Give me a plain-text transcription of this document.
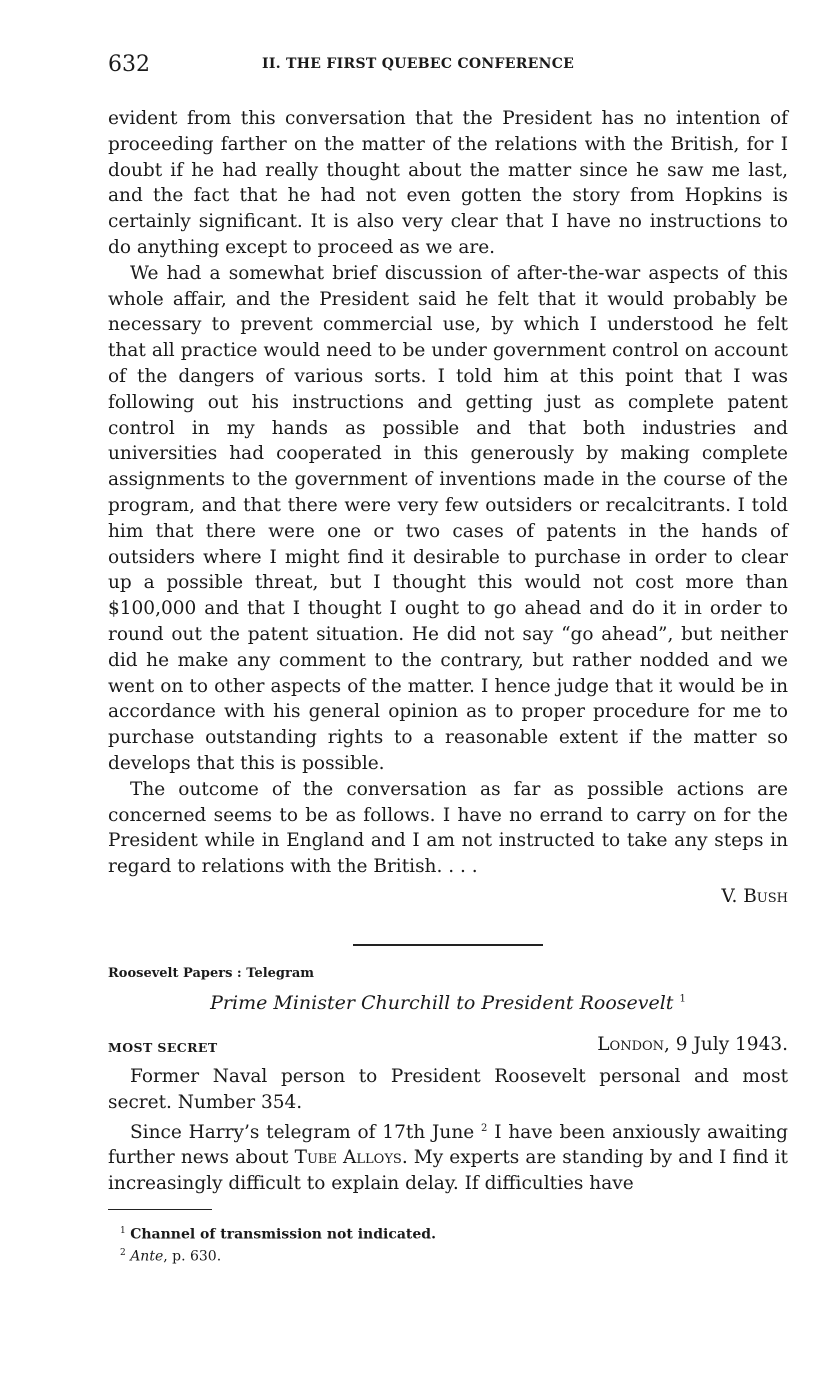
632	II. THE FIRST QUEBEC CONFERENCE

evident from this conversation that the President has no intention of proceeding farther on the matter of the relations with the British, for I doubt if he had really thought about the matter since he saw me last, and the fact that he had not even gotten the story from Hopkins is certainly significant. It is also very clear that I have no instructions to do anything except to proceed as we are.

We had a somewhat brief discussion of after-the-war aspects of this whole affair, and the President said he felt that it would probably be necessary to prevent commercial use, by which I understood he felt that all practice would need to be under government control on account of the dangers of various sorts. I told him at this point that I was following out his instructions and getting just as complete patent control in my hands as possible and that both industries and universities had cooperated in this generously by making complete assignments to the government of inventions made in the course of the program, and that there were very few outsiders or recalcitrants. I told him that there were one or two cases of patents in the hands of outsiders where I might find it desirable to purchase in order to clear up a possible threat, but I thought this would not cost more than $100,000 and that I thought I ought to go ahead and do it in order to round out the patent situation. He did not say “go ahead”, but neither did he make any comment to the contrary, but rather nodded and we went on to other aspects of the matter. I hence judge that it would be in accordance with his general opinion as to proper procedure for me to purchase outstanding rights to a reasonable extent if the matter so develops that this is possible.

The outcome of the conversation as far as possible actions are concerned seems to be as follows. I have no errand to carry on for the President while in England and I am not instructed to take any steps in regard to relations with the British. . . .

V. Bush
Roosevelt Papers : Telegram
Prime Minister Churchill to President Roosevelt $^1$
MOST SECRET	London, 9 July 1943.

Former Naval person to President Roosevelt personal and most secret. Number 354.

Since Harry’s telegram of 17th June $^2$ I have been anxiously awaiting further news about Tube Alloys. My experts are standing by and I find it increasingly difficult to explain delay. If difficulties have

$^1$ Channel of transmission not indicated.
$^2$ Ante, p. 630.
